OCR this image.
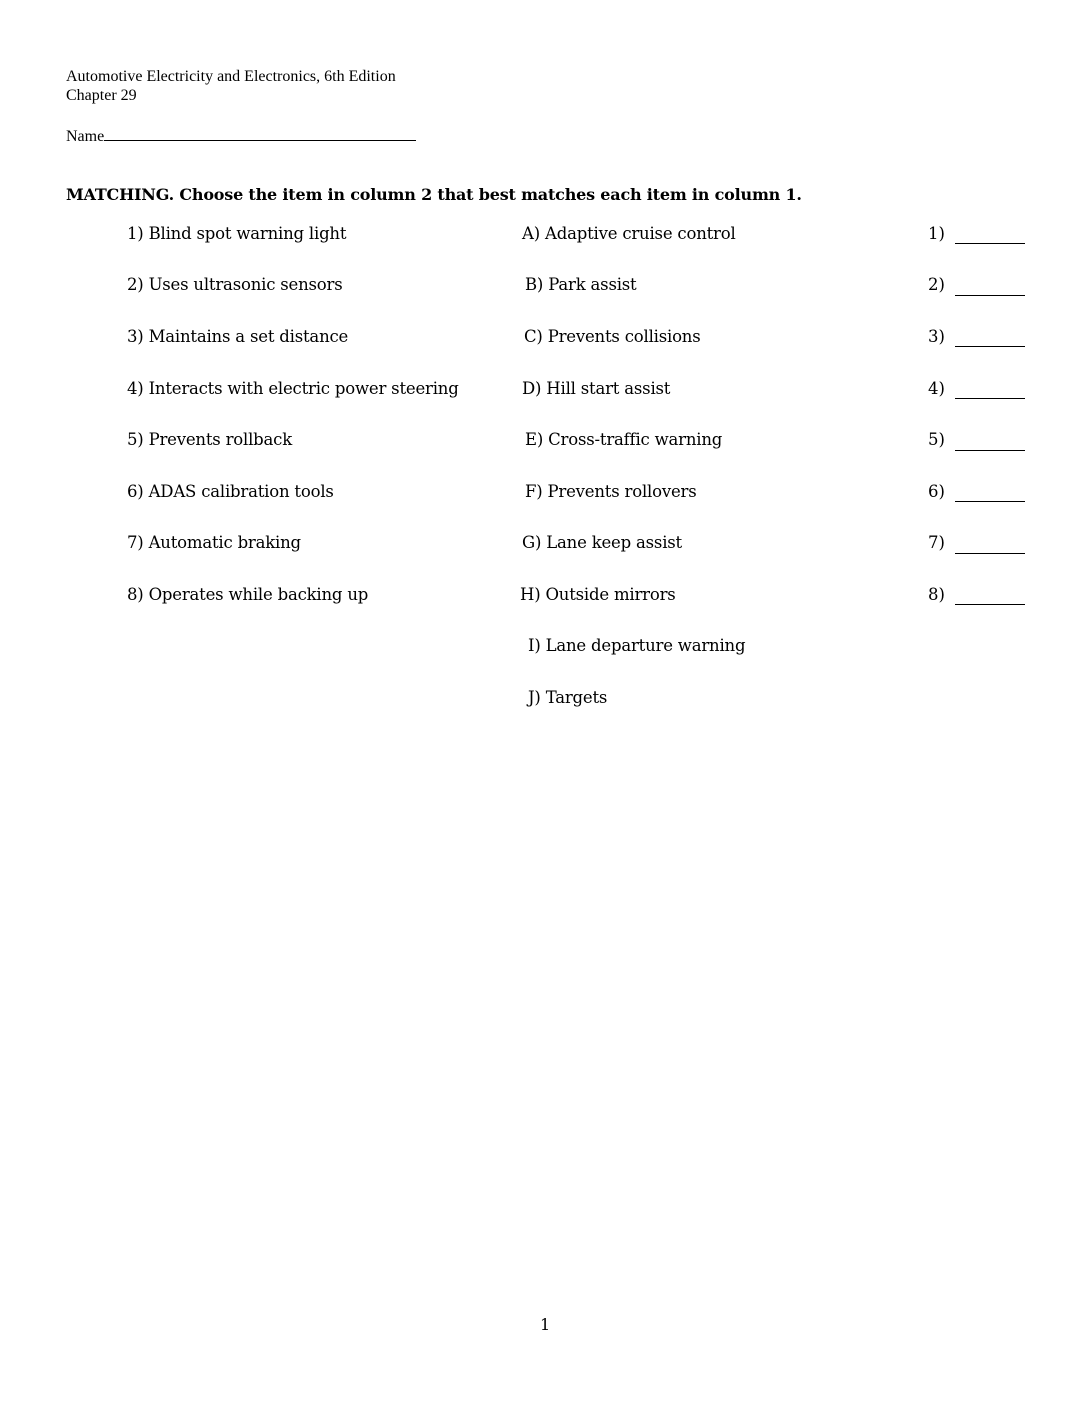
Automotive Electricity and Electronics, 6th Edition
Chapter 29
Name
MATCHING. Choose the item in column 2 that best matches each item in column 1.
1) Blind spot warning light
2) Uses ultrasonic sensors
3) Maintains a set distance
4) Interacts with electric power steering
5) Prevents rollback
6) ADAS calibration tools
7) Automatic braking
8) Operates while backing up
A) Adaptive cruise control
B) Park assist
C) Prevents collisions
D) Hill start assist
E) Cross-traffic warning
F) Prevents rollovers
G) Lane keep assist
H) Outside mirrors
I) Lane departure warning
J) Targets
1)
2)
3)
4)
5)
6)
7)
8)
1
